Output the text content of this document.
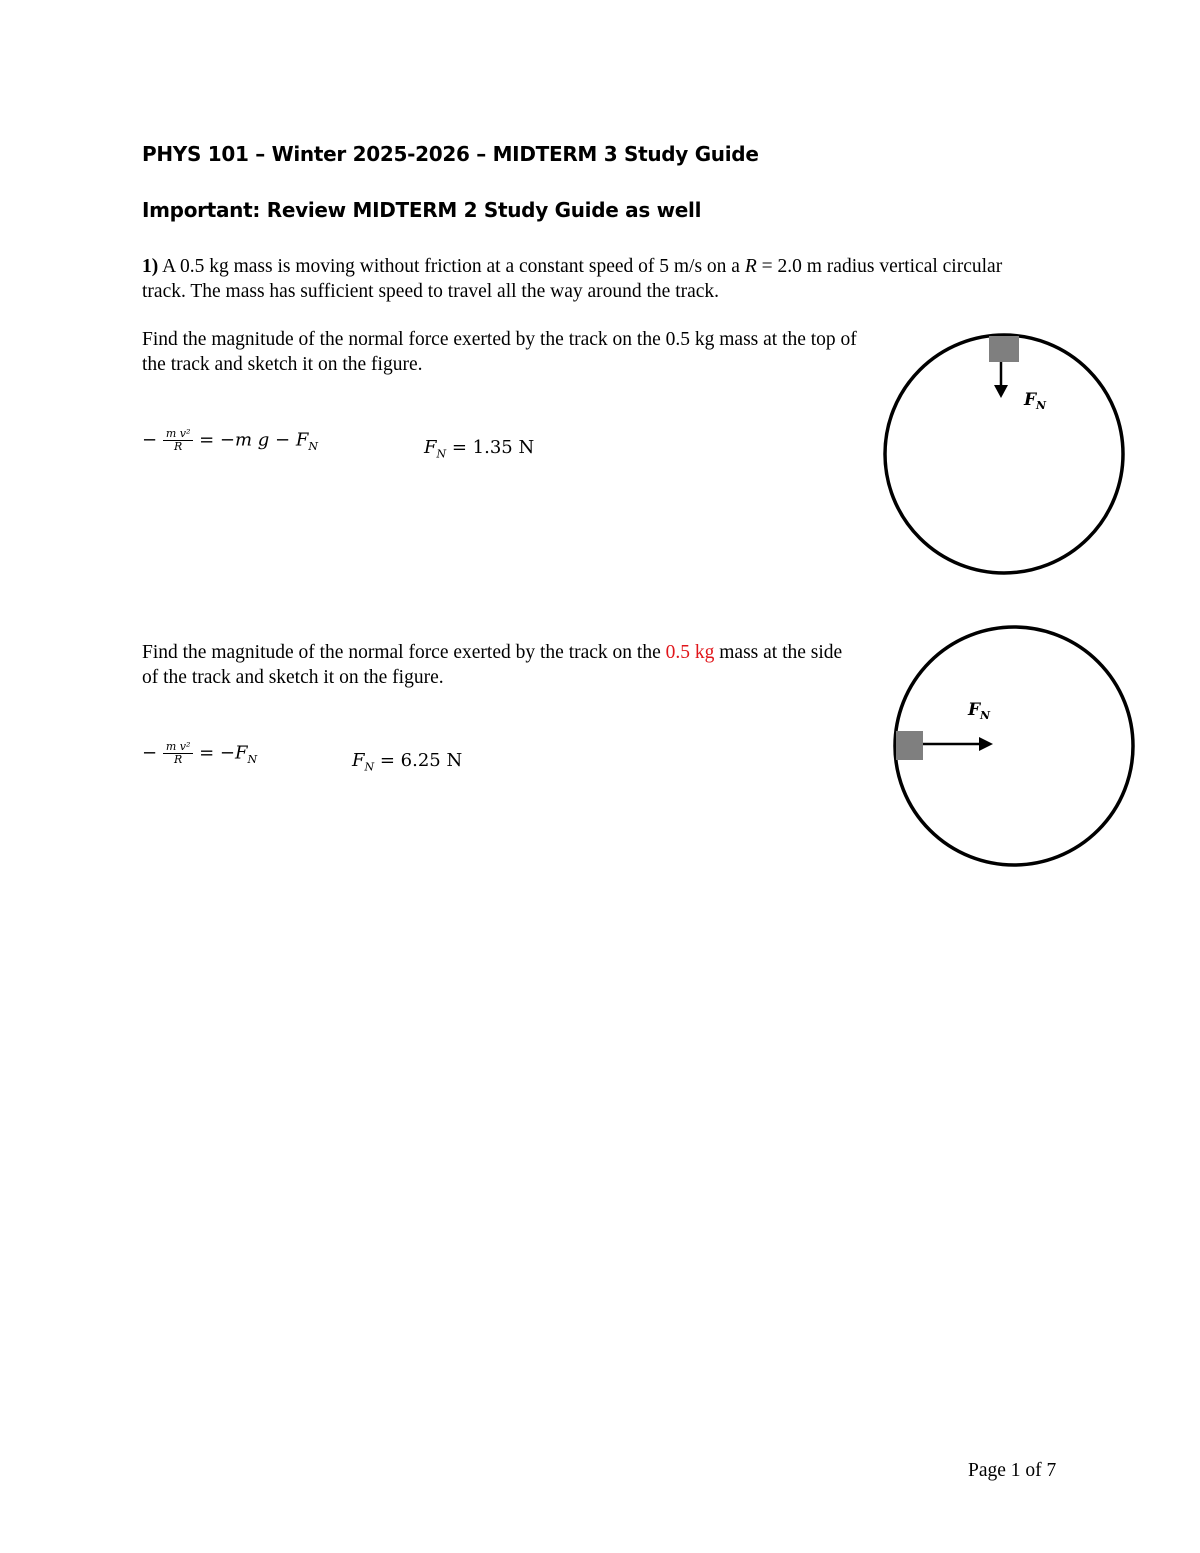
PHYS 101 – Winter 2025-2026 – MIDTERM 3 Study Guide
Important: Review MIDTERM 2 Study Guide as well
1) A 0.5 kg mass is moving without friction at a constant speed of 5 m/s on a R = 2.0 m radius vertical circular track. The mass has sufficient speed to travel all the way around the track.
Find the magnitude of the normal force exerted by the track on the 0.5 kg mass at the top of the track and sketch it on the figure.
− $\frac{\text{m v²}}{R} = -m$ $g - F_N$	$F_N = 1.35$ N
F N
Find the magnitude of the normal force exerted by the track on the 0.5 kg mass at the side of the track and sketch it on the figure.
− $\frac{\text{m v²}}{R} = -F_N$	$F_N = 6.25$ N
F N
Page 1 of 7
